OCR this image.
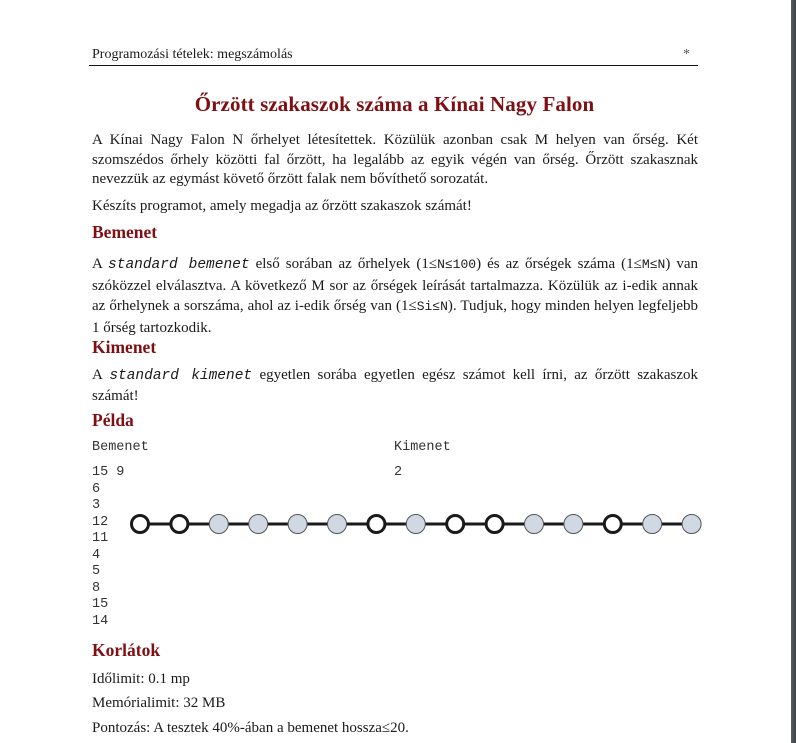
Programozási tételek: megszámolás	*
Őrzött szakaszok száma a Kínai Nagy Falon
A Kínai Nagy Falon N őrhelyet létesítettek. Közülük azonban csak M helyen van őrség. Két szomszédos őrhely közötti fal őrzött, ha legalább az egyik végén van őrség. Őrzött szakasznak nevezzük az egymást követő őrzött falak nem bővíthető sorozatát.
Készíts programot, amely megadja az őrzött szakaszok számát!
Bemenet
A standard bemenet első sorában az őrhelyek (1≤N≤100) és az őrségek száma (1≤M≤N) van szóközzel elválasztva. A következő M sor az őrségek leírását tartalmazza. Közülük az i-edik annak az őrhelynek a sorszáma, ahol az i-edik őrség van (1≤Si≤N). Tudjuk, hogy minden helyen legfeljebb 1 őrség tartozkodik.
Kimenet
A standard kimenet egyetlen sorába egyetlen egész számot kell írni, az őrzött szakaszok számát!
Példa
Bemenet	Kimenet
15 9
6
3
12
11
4
5
8
15
14
2
Korlátok
Időlimit: 0.1 mp
Memórialimit: 32 MB
Pontozás: A tesztek 40%-ában a bemenet hossza≤20.
